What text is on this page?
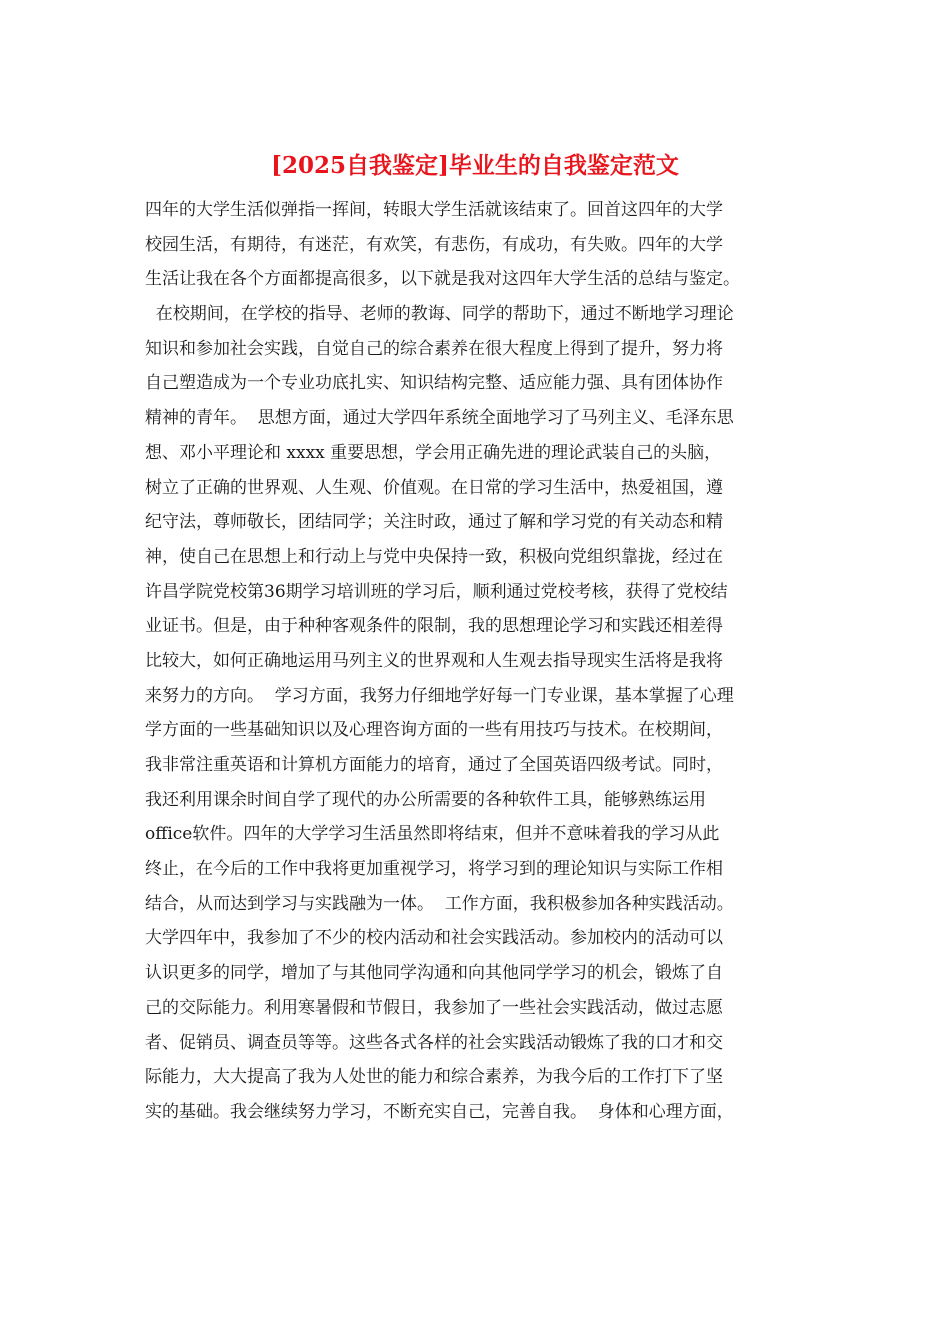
[2025自我鉴定]毕业生的自我鉴定范文
四年的大学生活似弹指一挥间，转眼大学生活就该结束了。回首这四年的大学
校园生活，有期待，有迷茫，有欢笑，有悲伤，有成功，有失败。四年的大学
生活让我在各个方面都提高很多，以下就是我对这四年大学生活的总结与鉴定。
在校期间，在学校的指导、老师的教诲、同学的帮助下，通过不断地学习理论
知识和参加社会实践，自觉自己的综合素养在很大程度上得到了提升，努力将
自己塑造成为一个专业功底扎实、知识结构完整、适应能力强、具有团体协作
精神的青年。  思想方面，通过大学四年系统全面地学习了马列主义、毛泽东思
想、邓小平理论和 xxxx 重要思想，学会用正确先进的理论武装自己的头脑，
树立了正确的世界观、人生观、价值观。在日常的学习生活中，热爱祖国，遵
纪守法，尊师敬长，团结同学；关注时政，通过了解和学习党的有关动态和精
神，使自己在思想上和行动上与党中央保持一致，积极向党组织靠拢，经过在
许昌学院党校第36期学习培训班的学习后，顺利通过党校考核，获得了党校结
业证书。但是，由于种种客观条件的限制，我的思想理论学习和实践还相差得
比较大，如何正确地运用马列主义的世界观和人生观去指导现实生活将是我将
来努力的方向。  学习方面，我努力仔细地学好每一门专业课，基本掌握了心理
学方面的一些基础知识以及心理咨询方面的一些有用技巧与技术。在校期间，
我非常注重英语和计算机方面能力的培育，通过了全国英语四级考试。同时，
我还利用课余时间自学了现代的办公所需要的各种软件工具，能够熟练运用
office软件。四年的大学学习生活虽然即将结束，但并不意味着我的学习从此
终止，在今后的工作中我将更加重视学习，将学习到的理论知识与实际工作相
结合，从而达到学习与实践融为一体。  工作方面，我积极参加各种实践活动。
大学四年中，我参加了不少的校内活动和社会实践活动。参加校内的活动可以
认识更多的同学，增加了与其他同学沟通和向其他同学学习的机会，锻炼了自
己的交际能力。利用寒暑假和节假日，我参加了一些社会实践活动，做过志愿
者、促销员、调查员等等。这些各式各样的社会实践活动锻炼了我的口才和交
际能力，大大提高了我为人处世的能力和综合素养，为我今后的工作打下了坚
实的基础。我会继续努力学习，不断充实自己，完善自我。  身体和心理方面，
